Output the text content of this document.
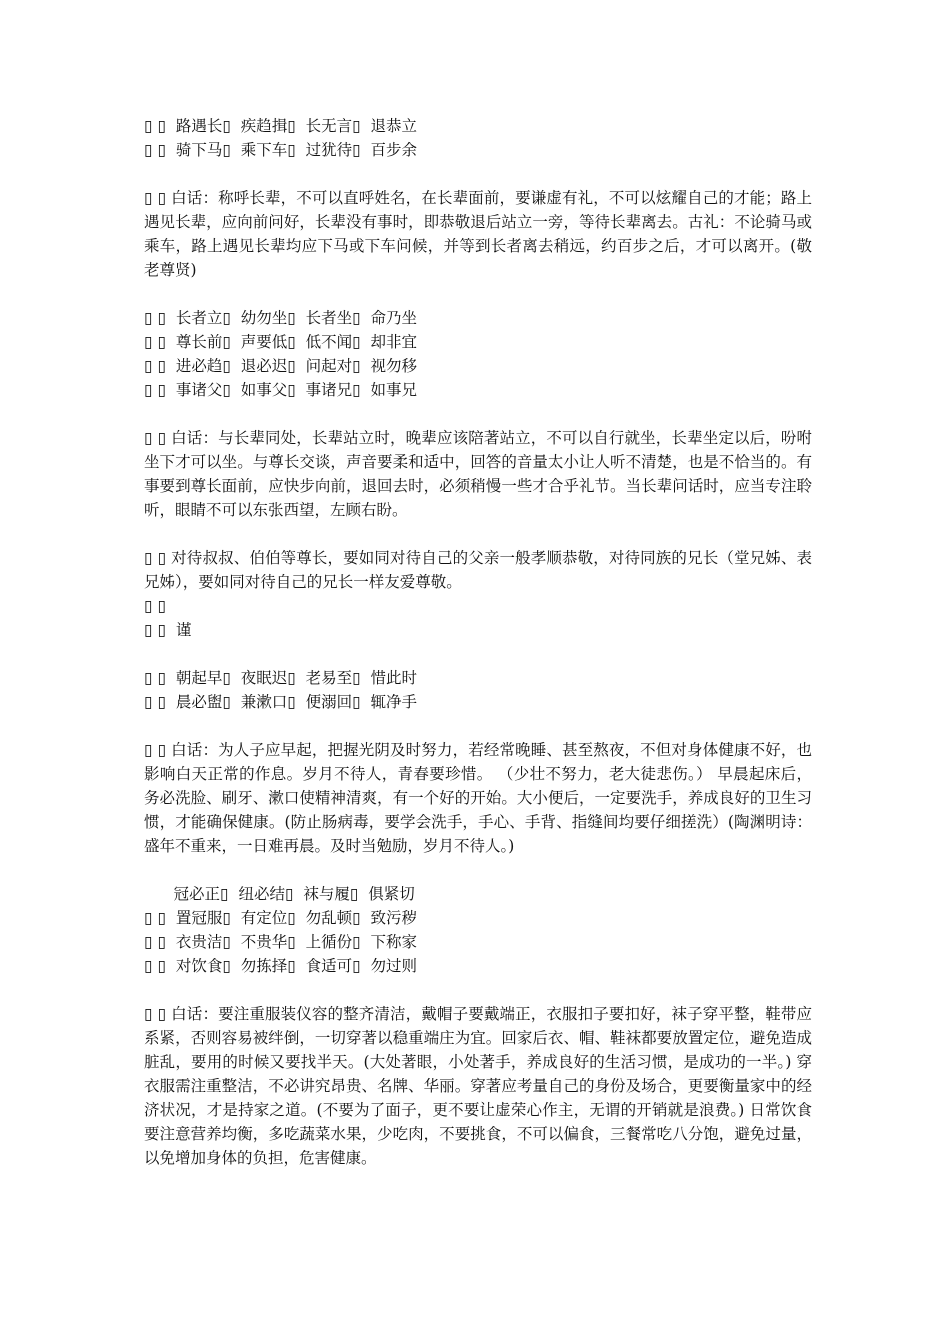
▯ ▯  路遇长▯  疾趋揖▯  长无言▯  退恭立
▯ ▯  骑下马▯  乘下车▯  过犹待▯  百步余
▯ ▯ 白话：称呼长辈，不可以直呼姓名，在长辈面前，要谦虚有礼，不可以炫耀自己的才能；路上遇见长辈，应向前问好，长辈没有事时，即恭敬退后站立一旁，等待长辈离去。古礼：不论骑马或乘车，路上遇见长辈均应下马或下车问候，并等到长者离去稍远，约百步之后，才可以离开。(敬老尊贤)
▯ ▯  长者立▯  幼勿坐▯  长者坐▯  命乃坐
▯ ▯  尊长前▯  声要低▯  低不闻▯  却非宜
▯ ▯  进必趋▯  退必迟▯  问起对▯  视勿移
▯ ▯  事诸父▯  如事父▯  事诸兄▯  如事兄
▯ ▯ 白话：与长辈同处，长辈站立时，晚辈应该陪著站立，不可以自行就坐，长辈坐定以后，吩咐坐下才可以坐。与尊长交谈，声音要柔和适中，回答的音量太小让人听不清楚，也是不恰当的。有事要到尊长面前，应快步向前，退回去时，必须稍慢一些才合乎礼节。当长辈问话时，应当专注聆听，眼睛不可以东张西望，左顾右盼。
▯ ▯ 对待叔叔、伯伯等尊长，要如同对待自己的父亲一般孝顺恭敬，对待同族的兄长（堂兄姊、表兄姊），要如同对待自己的兄长一样友爱尊敬。
▯ ▯
▯ ▯  谨
▯ ▯  朝起早▯  夜眠迟▯  老易至▯  惜此时
▯ ▯  晨必盥▯  兼漱口▯  便溺回▯  辄净手
▯ ▯ 白话：为人子应早起，把握光阴及时努力，若经常晚睡、甚至熬夜，不但对身体健康不好，也影响白天正常的作息。岁月不待人，青春要珍惜。 （少壮不努力，老大徒悲伤。） 早晨起床后，务必洗脸、刷牙、漱口使精神清爽，有一个好的开始。大小便后，一定要洗手，养成良好的卫生习惯，才能确保健康。(防止肠病毒，要学会洗手，手心、手背、指缝间均要仔细搓洗）(陶渊明诗：盛年不重来，一日难再晨。及时当勉励，岁月不待人。)
冠必正▯  纽必结▯  袜与履▯  俱紧切
▯ ▯  置冠服▯  有定位▯  勿乱顿▯  致污秽
▯ ▯  衣贵洁▯  不贵华▯  上循份▯  下称家
▯ ▯  对饮食▯  勿拣择▯  食适可▯  勿过则
▯ ▯ 白话：要注重服装仪容的整齐清洁，戴帽子要戴端正，衣服扣子要扣好，袜子穿平整，鞋带应系紧，否则容易被绊倒，一切穿著以稳重端庄为宜。回家后衣、帽、鞋袜都要放置定位，避免造成脏乱，要用的时候又要找半天。(大处著眼，小处著手，养成良好的生活习惯，是成功的一半。) 穿衣服需注重整洁，不必讲究昂贵、名牌、华丽。穿著应考量自己的身份及场合，更要衡量家中的经济状况，才是持家之道。(不要为了面子，更不要让虚荣心作主，无谓的开销就是浪费。) 日常饮食要注意营养均衡，多吃蔬菜水果，少吃肉，不要挑食，不可以偏食，三餐常吃八分饱，避免过量，以免增加身体的负担，危害健康。
